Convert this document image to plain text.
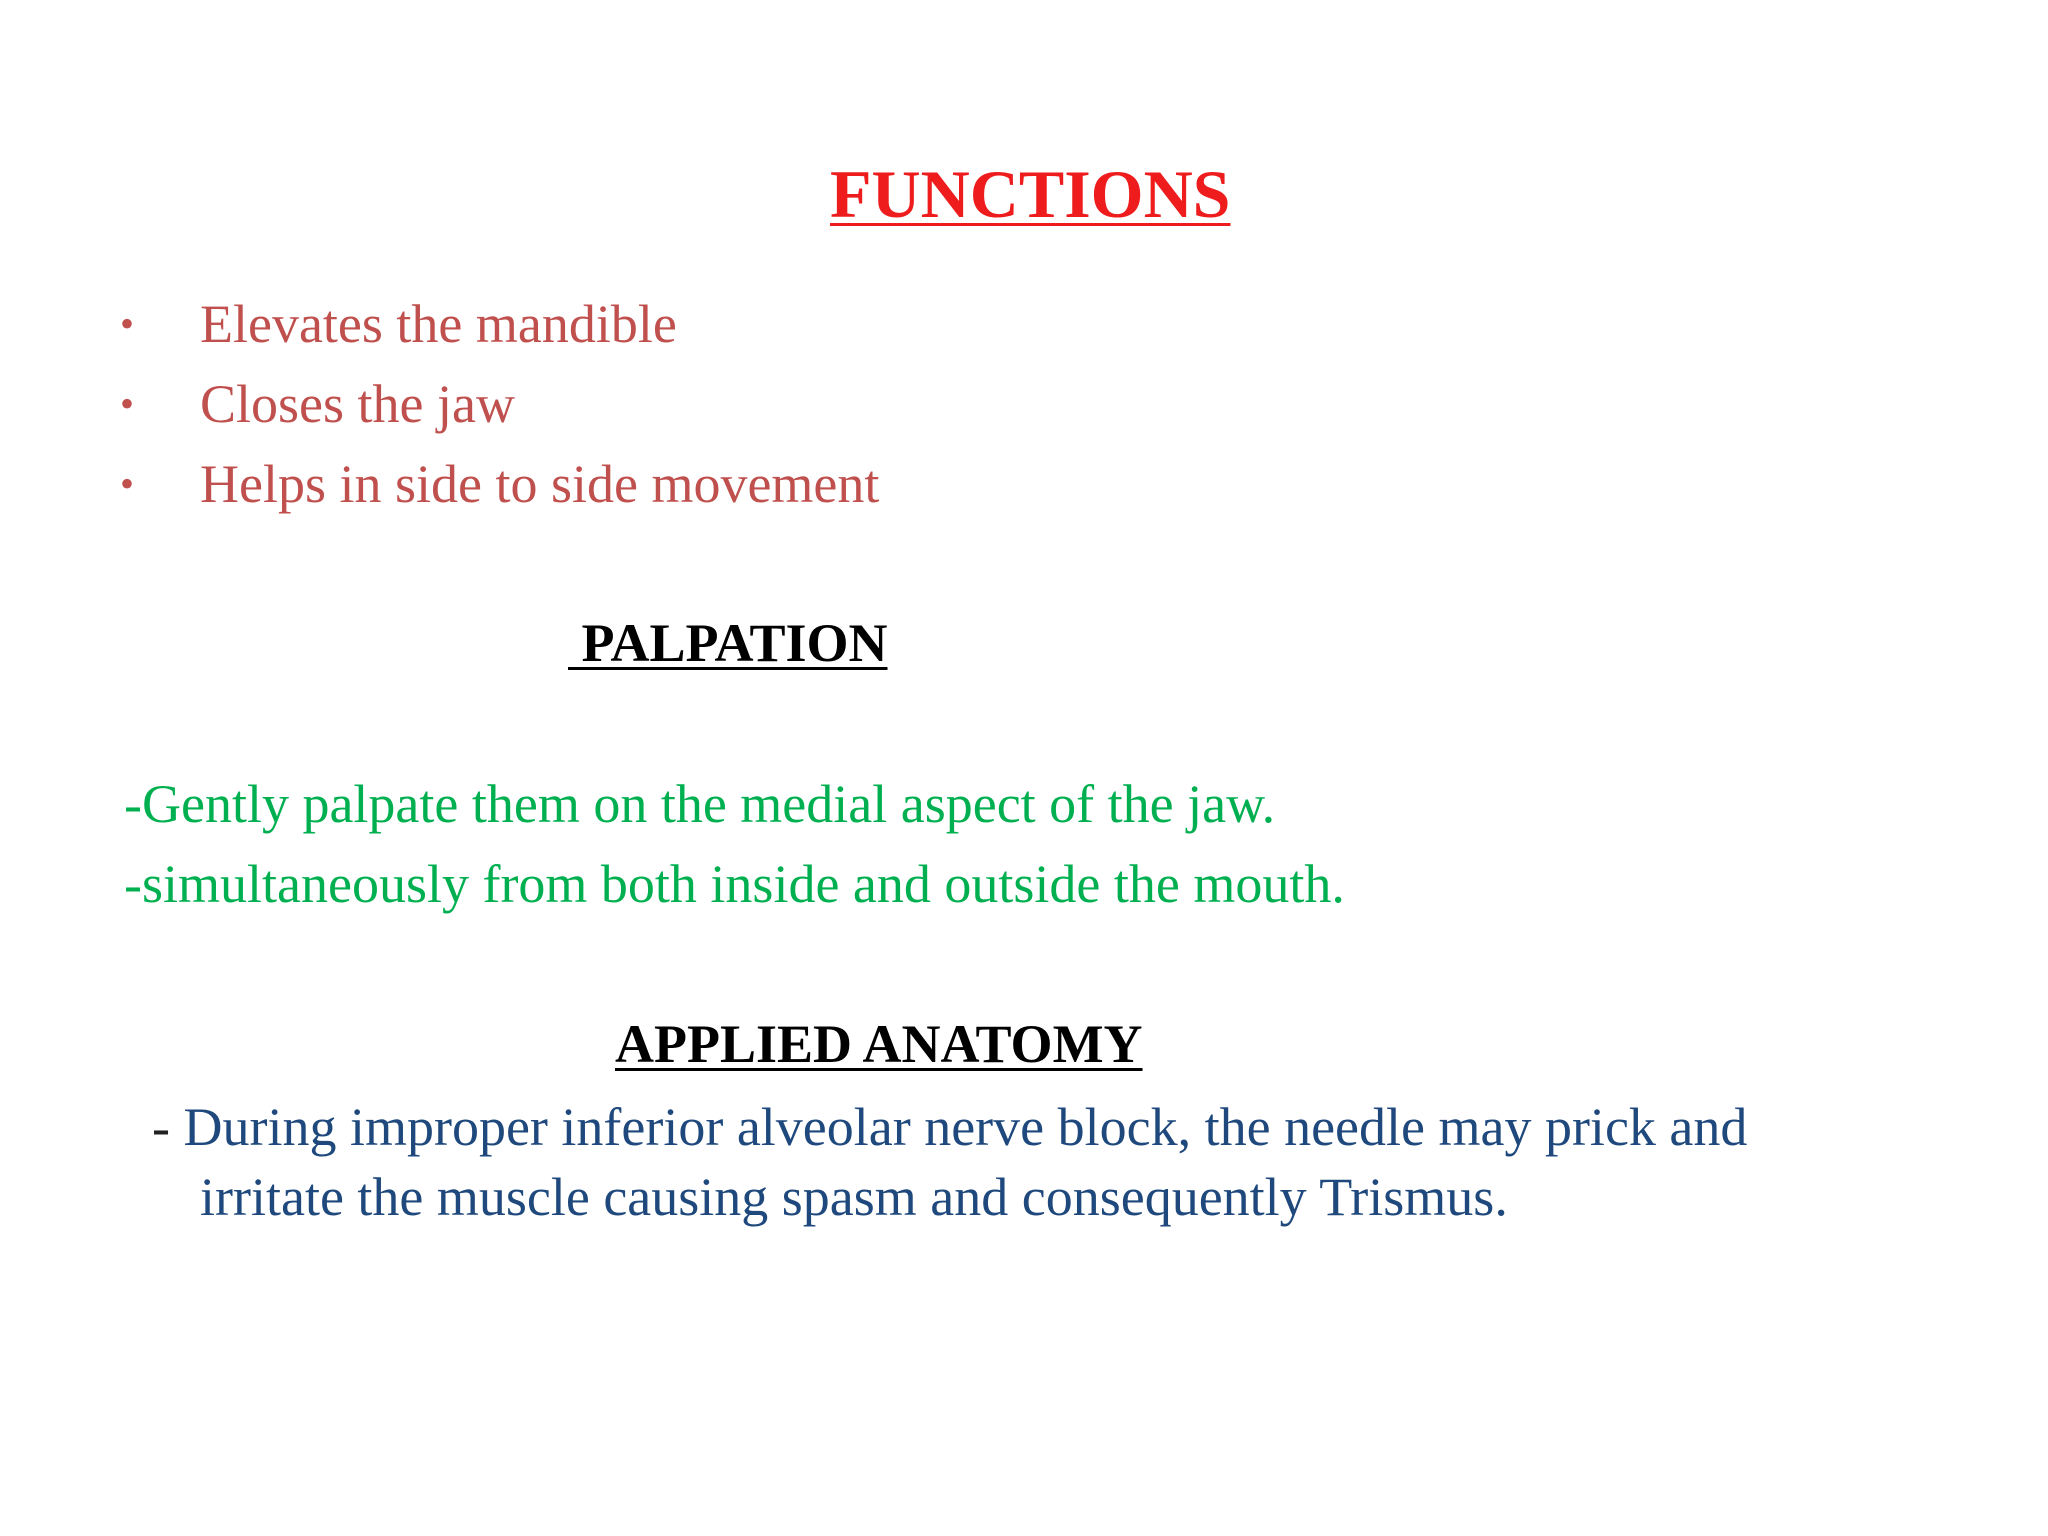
FUNCTIONS
• Elevates the mandible
• Closes the jaw
• Helps in side to side movement
PALPATION

-Gently palpate them on the medial aspect of the jaw.

-simultaneously from both inside and outside the mouth.

APPLIED ANATOMY
- During improper inferior alveolar nerve block, the needle may prick and
irritate the muscle causing spasm and consequently Trismus.
